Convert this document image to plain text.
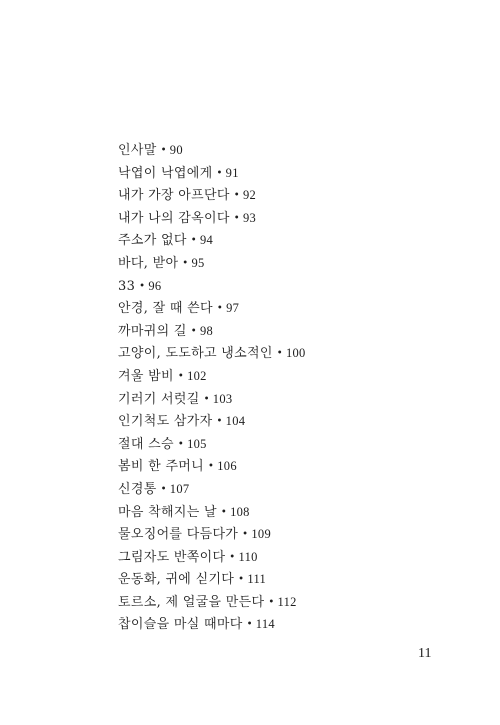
인사말 • 90
낙엽이 낙엽에게 • 91
내가 가장 아프단다 • 92
내가 나의 감옥이다 • 93
주소가 없다 • 94
바다, 받아 • 95
33 • 96
안경, 잘 때 쓴다 • 97
까마귀의 길 • 98
고양이, 도도하고 냉소적인 • 100
겨울 밤비 • 102
기러기 서럿길 • 103
인기척도 삼가자 • 104
절대 스승 • 105
봄비 한 주머니 • 106
신경통 • 107
마음 착해지는 날 • 108
물오징어를 다듬다가 • 109
그림자도 반쪽이다 • 110
운동화, 귀에 싣기다 • 111
토르소, 제 얼굴을 만든다 • 112
찹이슬을 마실 때마다 • 114
11
